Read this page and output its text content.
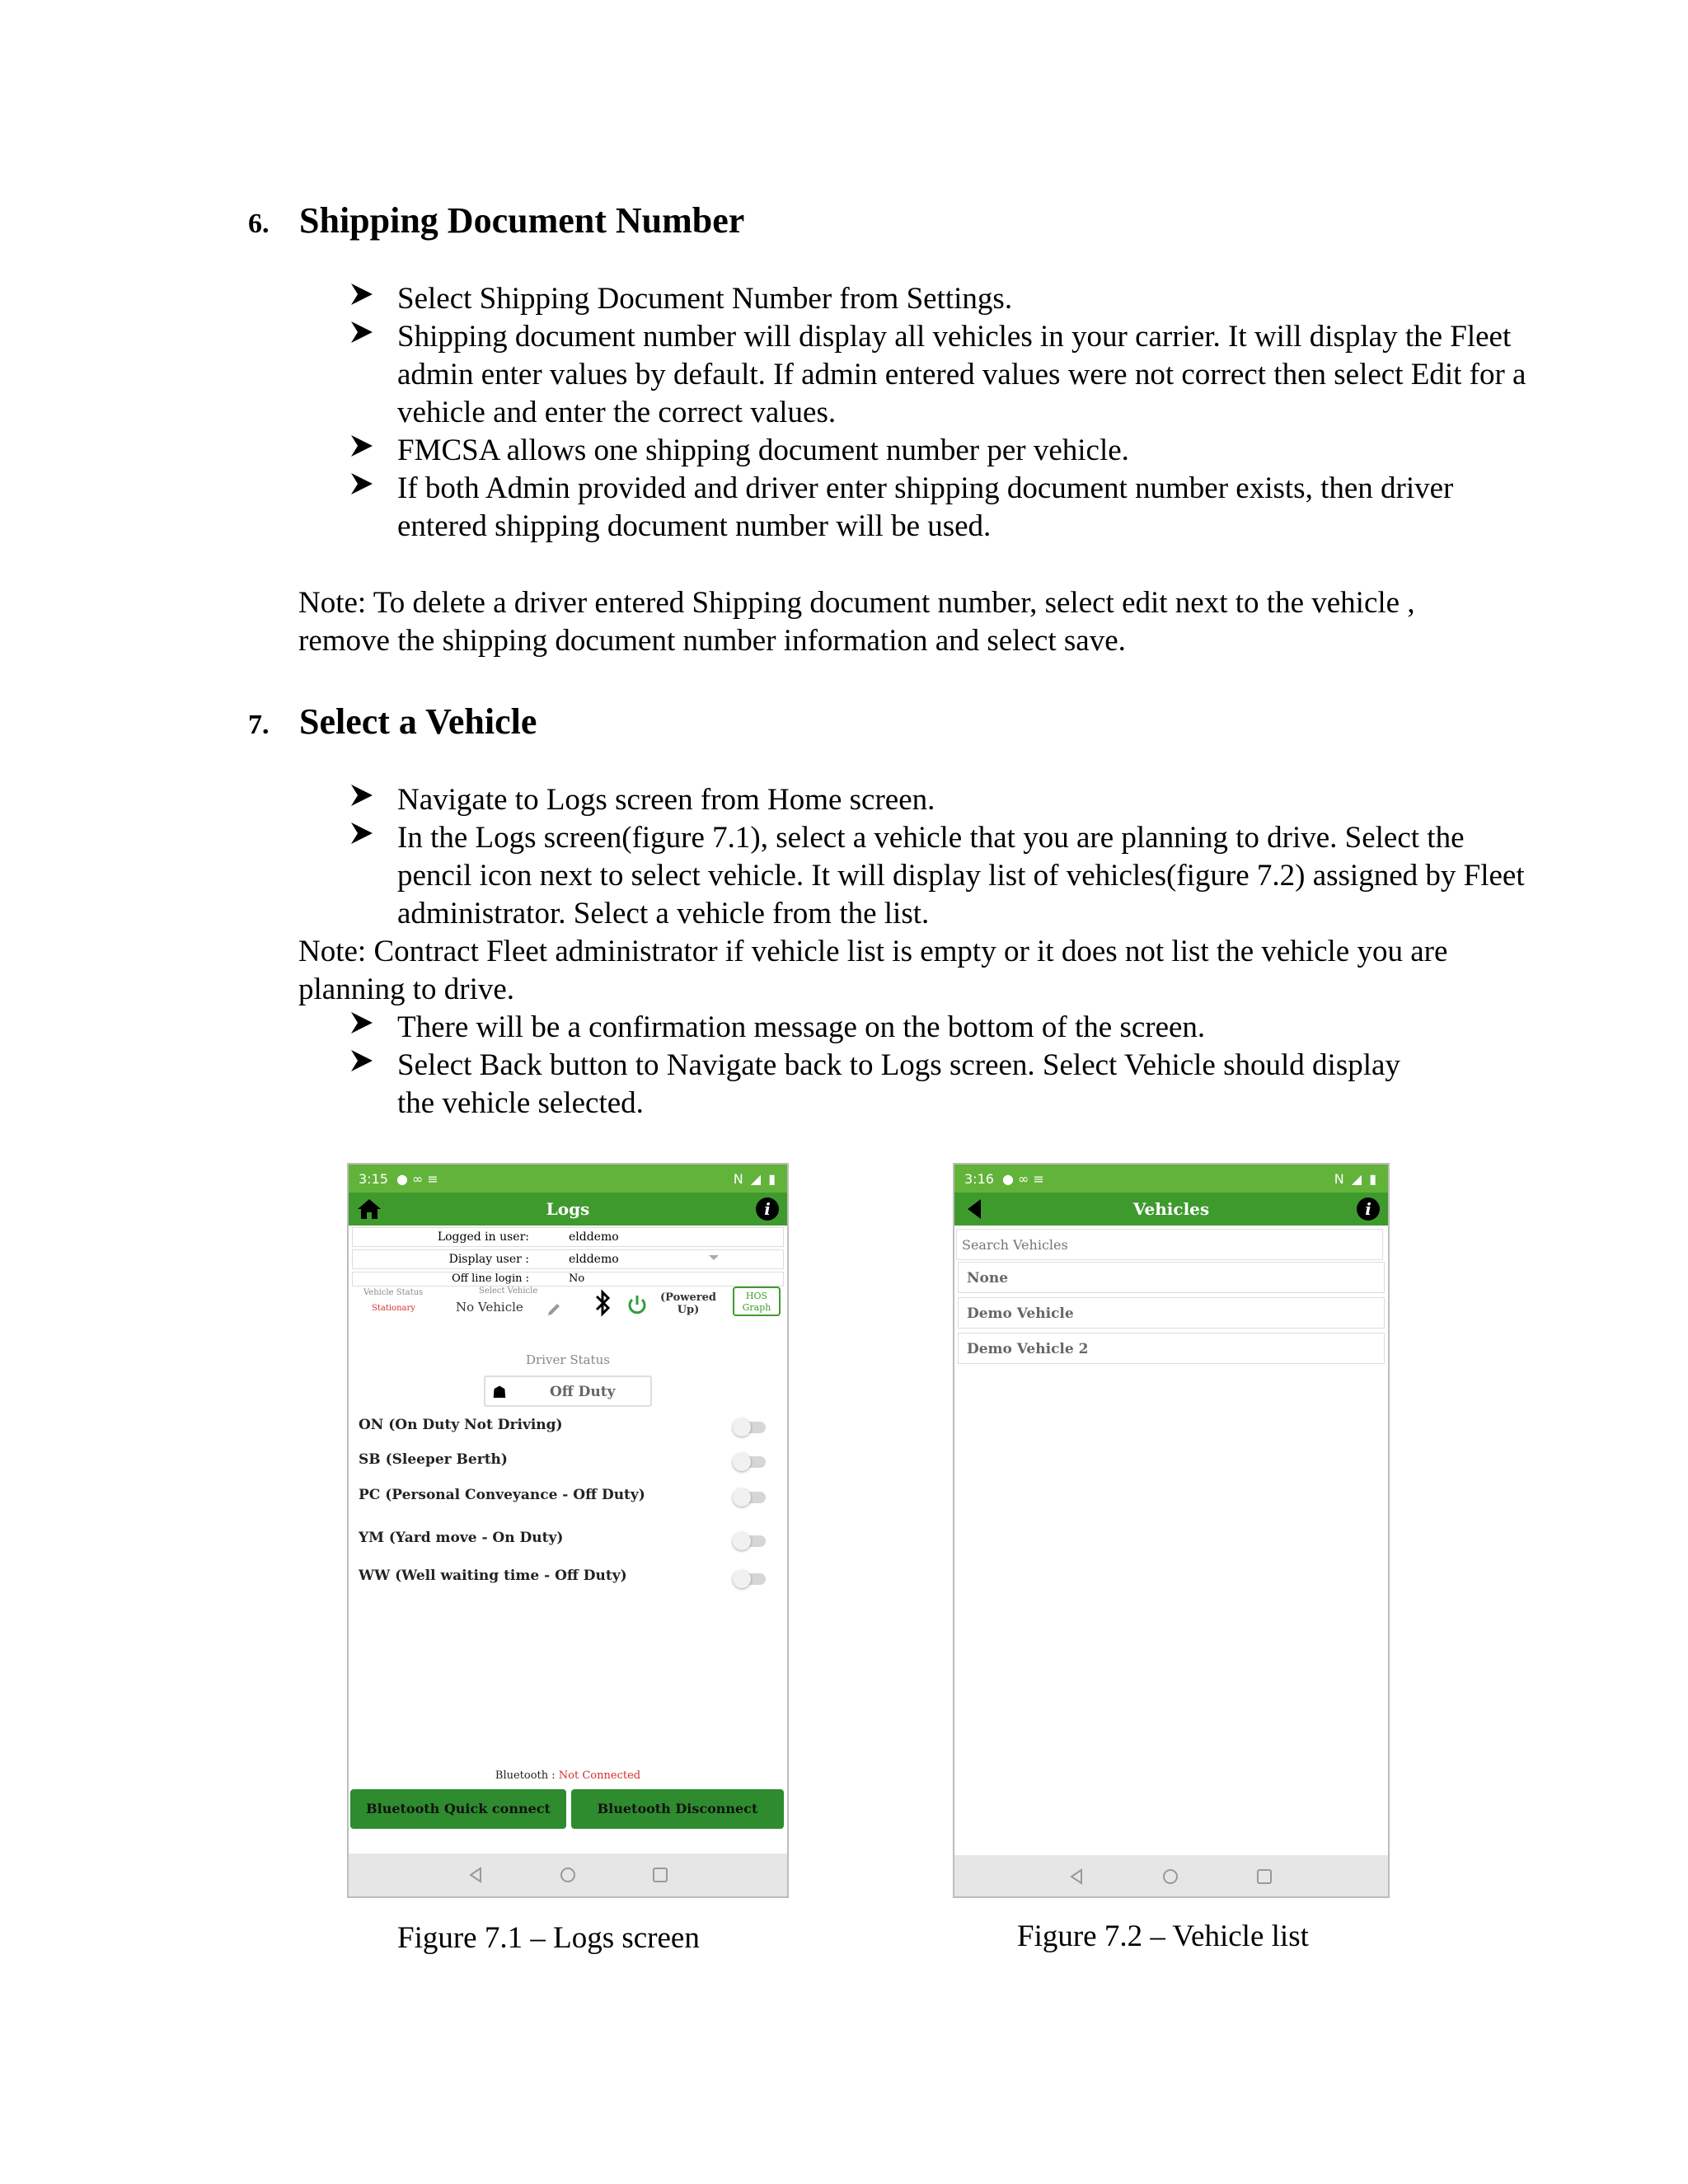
6. Shipping Document Number
Select Shipping Document Number from Settings.
Shipping document number will display all vehicles in your carrier. It will display the Fleet admin enter values by default. If admin entered values were not correct then select Edit for a vehicle and enter the correct values.
FMCSA allows one shipping document number per vehicle.
If both Admin provided and driver enter shipping document number exists, then driver entered shipping document number will be used.
Note: To delete a driver entered Shipping document number, select edit next to the vehicle , remove the shipping document number information and select save.
7. Select a Vehicle
Navigate to Logs screen from Home screen.
In the Logs screen(figure 7.1), select a vehicle that you are planning to drive. Select the pencil icon next to select vehicle. It will display list of vehicles(figure 7.2) assigned by Fleet administrator. Select a vehicle from the list.
Note: Contract Fleet administrator if vehicle list is empty or it does not list the vehicle you are planning to drive.
There will be a confirmation message on the bottom of the screen.
Select Back button to Navigate back to Logs screen. Select Vehicle should display the vehicle selected.
3:15 ● ∞ ≡	N ◢ ▮
Logs	i
Logged in user:	elddemo
Display user :	elddemo
Off line login :	No
Vehicle Status
Stationary
Select Vehicle
No Vehicle
(Powered Up)
HOS Graph
Driver Status
☗	Off Duty
ON (On Duty Not Driving)
SB (Sleeper Berth)
PC (Personal Conveyance - Off Duty)
YM (Yard move - On Duty)
WW (Well waiting time - Off Duty)
Bluetooth : Not Connected
Bluetooth Quick connect	Bluetooth Disconnect
Figure 7.1 – Logs screen
3:16 ● ∞ ≡	N ◢ ▮
Vehicles	i
Search Vehicles
None
Demo Vehicle
Demo Vehicle 2
Figure 7.2 – Vehicle list
